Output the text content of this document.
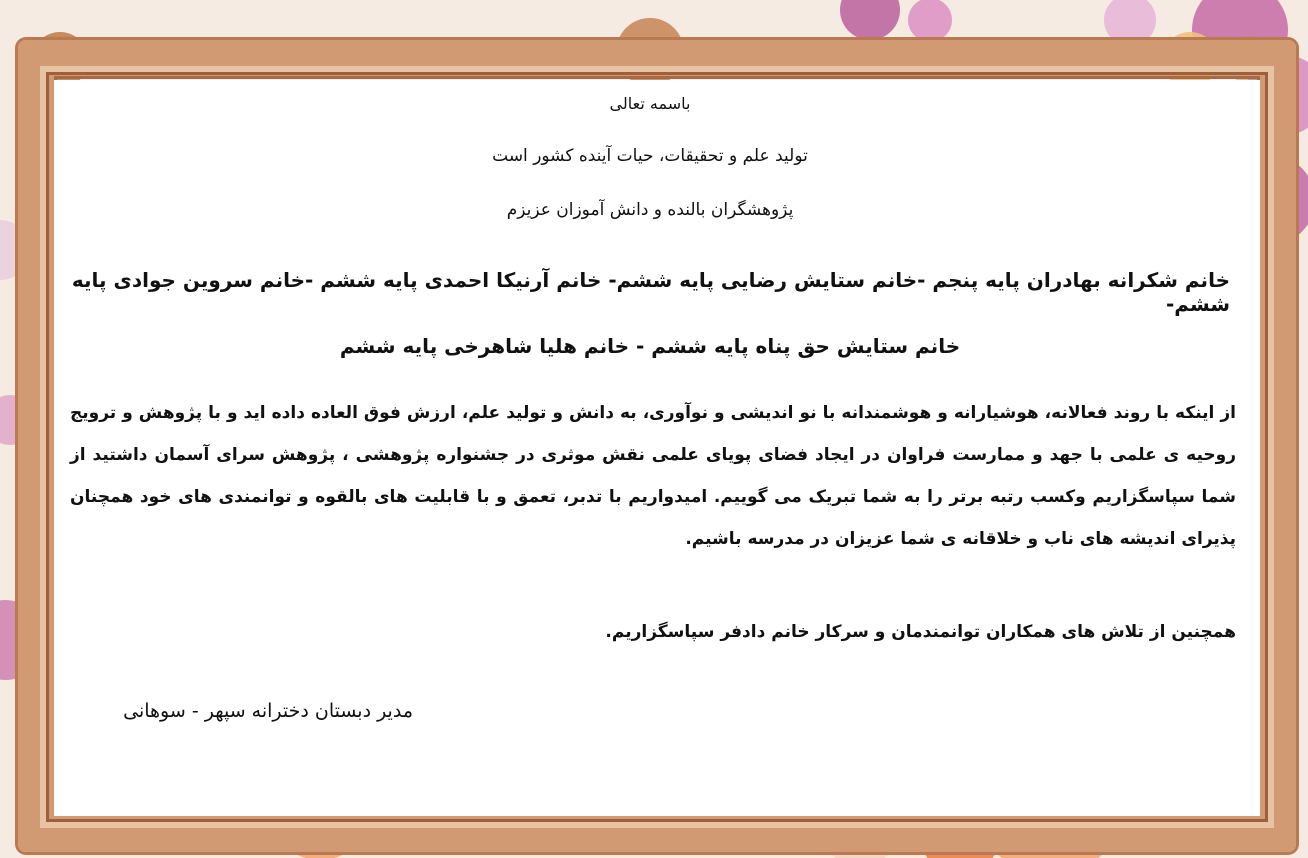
باسمه تعالی
تولید علم و تحقیقات، حیات آینده کشور است
پژوهشگران بالنده و دانش آموزان عزیزم
خانم شکرانه بهادران پایه پنجم -خانم ستایش رضایی پایه ششم- خانم آرنیکا احمدی پایه ششم -خانم سروین جوادی پایه ششم-
خانم ستایش حق پناه پایه ششم - خانم هلیا شاهرخی پایه ششم
از اینکه با روند فعالانه، هوشیارانه و هوشمندانه با نو اندیشی و نوآوری، به دانش و تولید علم، ارزش فوق العاده داده اید و با پژوهش و ترویج روحیه ی علمی با جهد و ممارست فراوان در ایجاد فضای پویای علمی نقش موثری در جشنواره پژوهشی ، پژوهش سرای آسمان داشتید از شما سپاسگزاریم وکسب رتبه برتر را به شما تبریک می گوییم. امیدواریم با تدبر، تعمق و با قابلیت های بالقوه و توانمندی های خود همچنان پذیرای اندیشه های ناب و خلاقانه ی شما عزیزان در مدرسه باشیم.
همچنین از تلاش های همکاران توانمندمان و سرکار خانم دادفر سپاسگزاریم.
مدیر دبستان دخترانه سپهر - سوهانی
